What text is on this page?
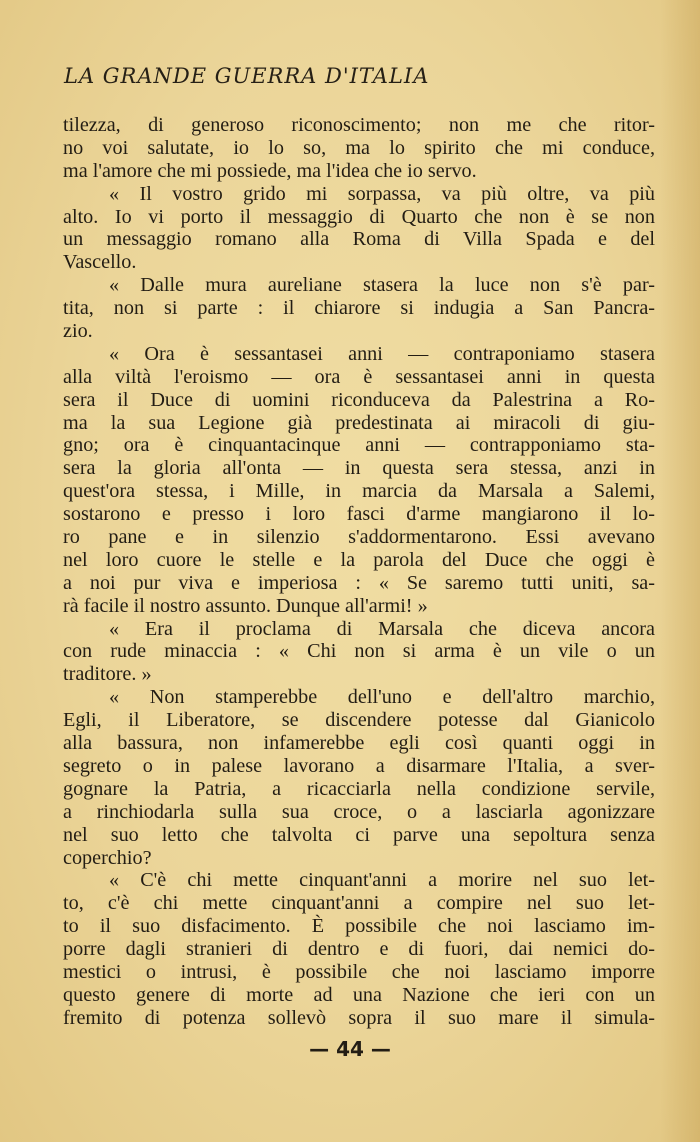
LA GRANDE GUERRA D'ITALIA
tilezza, di generoso riconoscimento; non me che ritor-
no voi salutate, io lo so, ma lo spirito che mi conduce,
ma l'amore che mi possiede, ma l'idea che io servo.
« Il vostro grido mi sorpassa, va più oltre, va più
alto. Io vi porto il messaggio di Quarto che non è se non
un messaggio romano alla Roma di Villa Spada e del
Vascello.
« Dalle mura aureliane stasera la luce non s'è par-
tita, non si parte : il chiarore si indugia a San Pancra-
zio.
« Ora è sessantasei anni — contraponiamo stasera
alla viltà l'eroismo — ora è sessantasei anni in questa
sera il Duce di uomini riconduceva da Palestrina a Ro-
ma la sua Legione già predestinata ai miracoli di giu-
gno; ora è cinquantacinque anni — contrapponiamo sta-
sera la gloria all'onta — in questa sera stessa, anzi in
quest'ora stessa, i Mille, in marcia da Marsala a Salemi,
sostarono e presso i loro fasci d'arme mangiarono il lo-
ro pane e in silenzio s'addormentarono. Essi avevano
nel loro cuore le stelle e la parola del Duce che oggi è
a noi pur viva e imperiosa : « Se saremo tutti uniti, sa-
rà facile il nostro assunto. Dunque all'armi! »
« Era il proclama di Marsala che diceva ancora
con rude minaccia : « Chi non si arma è un vile o un
traditore. »
« Non stamperebbe dell'uno e dell'altro marchio,
Egli, il Liberatore, se discendere potesse dal Gianicolo
alla bassura, non infamerebbe egli così quanti oggi in
segreto o in palese lavorano a disarmare l'Italia, a sver-
gognare la Patria, a ricacciarla nella condizione servile,
a rinchiodarla sulla sua croce, o a lasciarla agonizzare
nel suo letto che talvolta ci parve una sepoltura senza
coperchio?
« C'è chi mette cinquant'anni a morire nel suo let-
to, c'è chi mette cinquant'anni a compire nel suo let-
to il suo disfacimento. È possibile che noi lasciamo im-
porre dagli stranieri di dentro e di fuori, dai nemici do-
mestici o intrusi, è possibile che noi lasciamo imporre
questo genere di morte ad una Nazione che ieri con un
fremito di potenza sollevò sopra il suo mare il simula-
— 44 —
